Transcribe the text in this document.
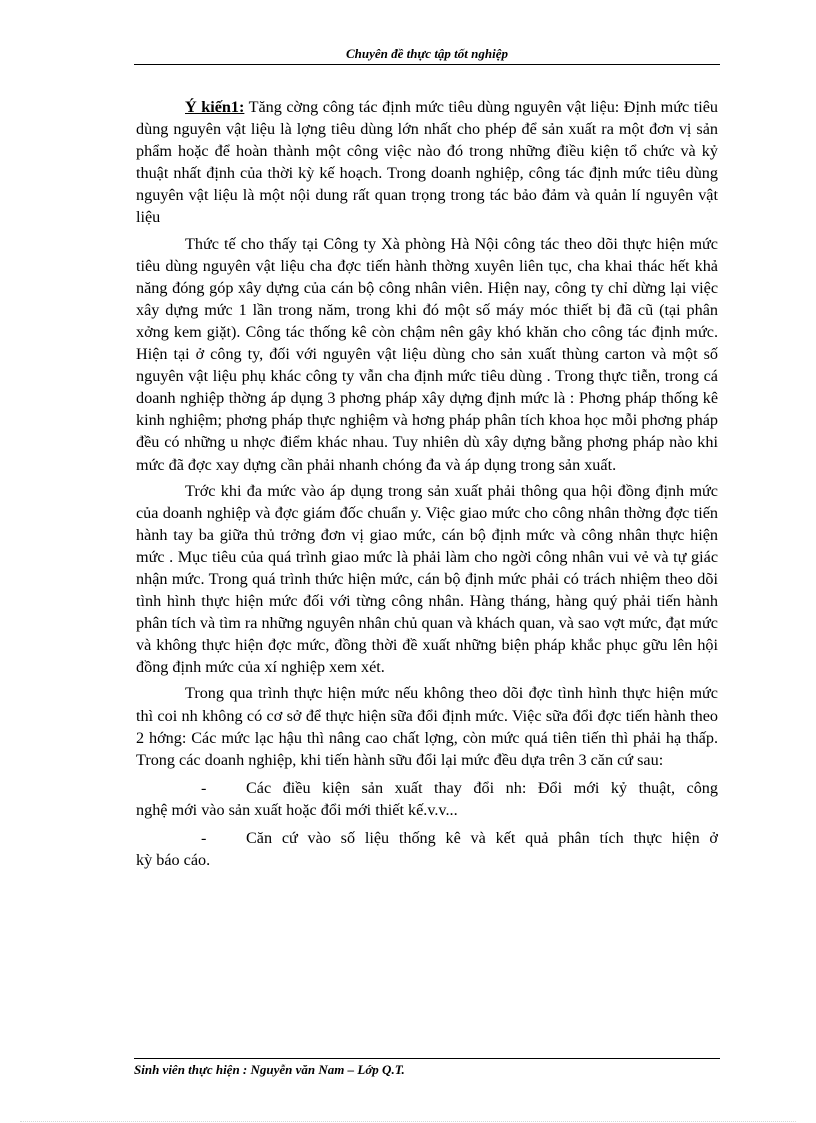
Chuyên đề thực tập tốt nghiệp

Ý kiến1: Tăng cờng công tác định mức tiêu dùng nguyên vật liệu: Định mức tiêu dùng nguyên vật liệu là lợng tiêu dùng lớn nhất cho phép để sản xuất ra một đơn vị sản phẩm hoặc để hoàn thành một công việc nào đó trong những điều kiện tổ chức và kỷ thuật nhất định của thời kỳ kế hoạch. Trong doanh nghiệp, công tác định mức tiêu dùng nguyên vật liệu là một nội dung rất quan trọng trong tác bảo đảm và quản lí nguyên vật liệu

Thức tế cho thấy tại Công ty Xà phòng Hà Nội công tác theo dõi thực hiện mức tiêu dùng nguyên vật liệu cha đợc tiến hành thờng xuyên liên tục, cha khai thác hết khả năng đóng góp xây dựng của cán bộ công nhân viên. Hiện nay, công ty chỉ dừng lại việc xây dựng mức 1 lần trong năm, trong khi đó một số máy móc thiết bị đã cũ (tại phân xởng kem giặt). Công tác thống kê còn chậm nên gây khó khăn cho công tác định mức. Hiện tại ở công ty, đối với nguyên vật liệu dùng cho sản xuất thùng carton và một số nguyên vật liệu phụ khác công ty vẫn cha định mức tiêu dùng . Trong thực tiễn, trong cá doanh nghiệp thờng áp dụng 3 phơng pháp xây dựng định mức là : Phơng pháp thống kê kinh nghiệm; phơng pháp thực nghiệm và hơng pháp phân tích khoa học mỗi phơng pháp đều có những u nhợc điểm khác nhau. Tuy nhiên dù xây dựng bằng phơng pháp nào khi mức đã đợc xay dựng cần phải nhanh chóng đa và áp dụng trong sản xuất.

Trớc khi đa mức vào áp dụng trong sản xuất phải thông qua hội đồng định mức của doanh nghiệp và đợc giám đốc chuẩn y. Việc giao mức cho công nhân thờng đợc tiến hành tay ba giữa thủ trởng đơn vị giao mức, cán bộ định mức và công nhân thực hiện mức . Mục tiêu của quá trình giao mức là phải làm cho ngời công nhân vui vẻ và tự giác nhận mức. Trong quá trình thức hiện mức, cán bộ định mức phải có trách nhiệm theo dõi tình hình thực hiện mức đối với từng công nhân. Hàng tháng, hàng quý phải tiến hành phân tích và tìm ra những nguyên nhân chủ quan và khách quan, và sao vợt mức, đạt mức và không thực hiện đợc mức, đồng thời đề xuất những biện pháp khắc phục gữu lên hội đồng định mức của xí nghiệp xem xét.

Trong qua trình thực hiện mức nếu không theo dõi đợc tình hình thực hiện mức thì coi nh không có cơ sở để thực hiện sữa đổi định mức. Việc sữa đổi đợc tiến hành theo 2 hớng: Các mức lạc hậu thì nâng cao chất lợng, còn mức quá tiên tiến thì phải hạ thấp. Trong các doanh nghiệp, khi tiến hành sữu đổi lại mức đều dựa trên 3 căn cứ sau:

- Các điều kiện sản xuất thay đổi nh: Đổi mới kỷ thuật, công
nghệ mới vào sản xuất hoặc đổi mới thiết kế.v.v...
- Căn cứ vào số liệu thống kê và kết quả phân tích thực hiện ở
kỳ báo cáo.
Sinh viên thực hiện : Nguyễn văn Nam – Lớp Q.T.
